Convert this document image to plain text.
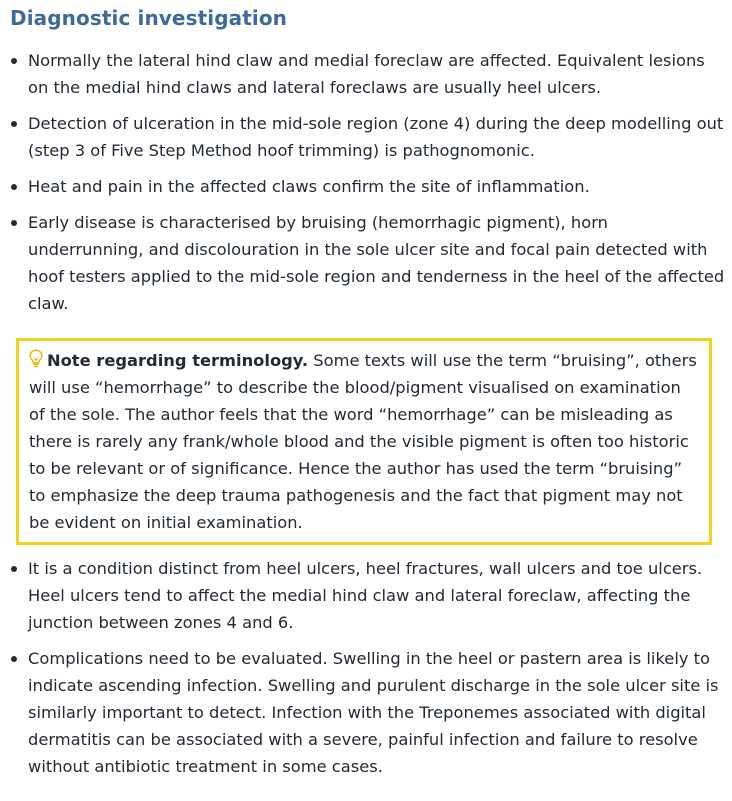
Diagnostic investigation
Normally the lateral hind claw and medial foreclaw are affected. Equivalent lesions on the medial hind claws and lateral foreclaws are usually heel ulcers.
Detection of ulceration in the mid-sole region (zone 4) during the deep modelling out (step 3 of Five Step Method hoof trimming) is pathognomonic.
Heat and pain in the affected claws confirm the site of inflammation.
Early disease is characterised by bruising (hemorrhagic pigment), horn underrunning, and discolouration in the sole ulcer site and focal pain detected with hoof testers applied to the mid-sole region and tenderness in the heel of the affected claw.
Note regarding terminology. Some texts will use the term “bruising”, others will use “hemorrhage” to describe the blood/pigment visualised on examination of the sole. The author feels that the word “hemorrhage” can be misleading as there is rarely any frank/whole blood and the visible pigment is often too historic to be relevant or of significance. Hence the author has used the term “bruising” to emphasize the deep trauma pathogenesis and the fact that pigment may not be evident on initial examination.
It is a condition distinct from heel ulcers, heel fractures, wall ulcers and toe ulcers. Heel ulcers tend to affect the medial hind claw and lateral foreclaw, affecting the junction between zones 4 and 6.
Complications need to be evaluated. Swelling in the heel or pastern area is likely to indicate ascending infection. Swelling and purulent discharge in the sole ulcer site is similarly important to detect. Infection with the Treponemes associated with digital dermatitis can be associated with a severe, painful infection and failure to resolve without antibiotic treatment in some cases.
